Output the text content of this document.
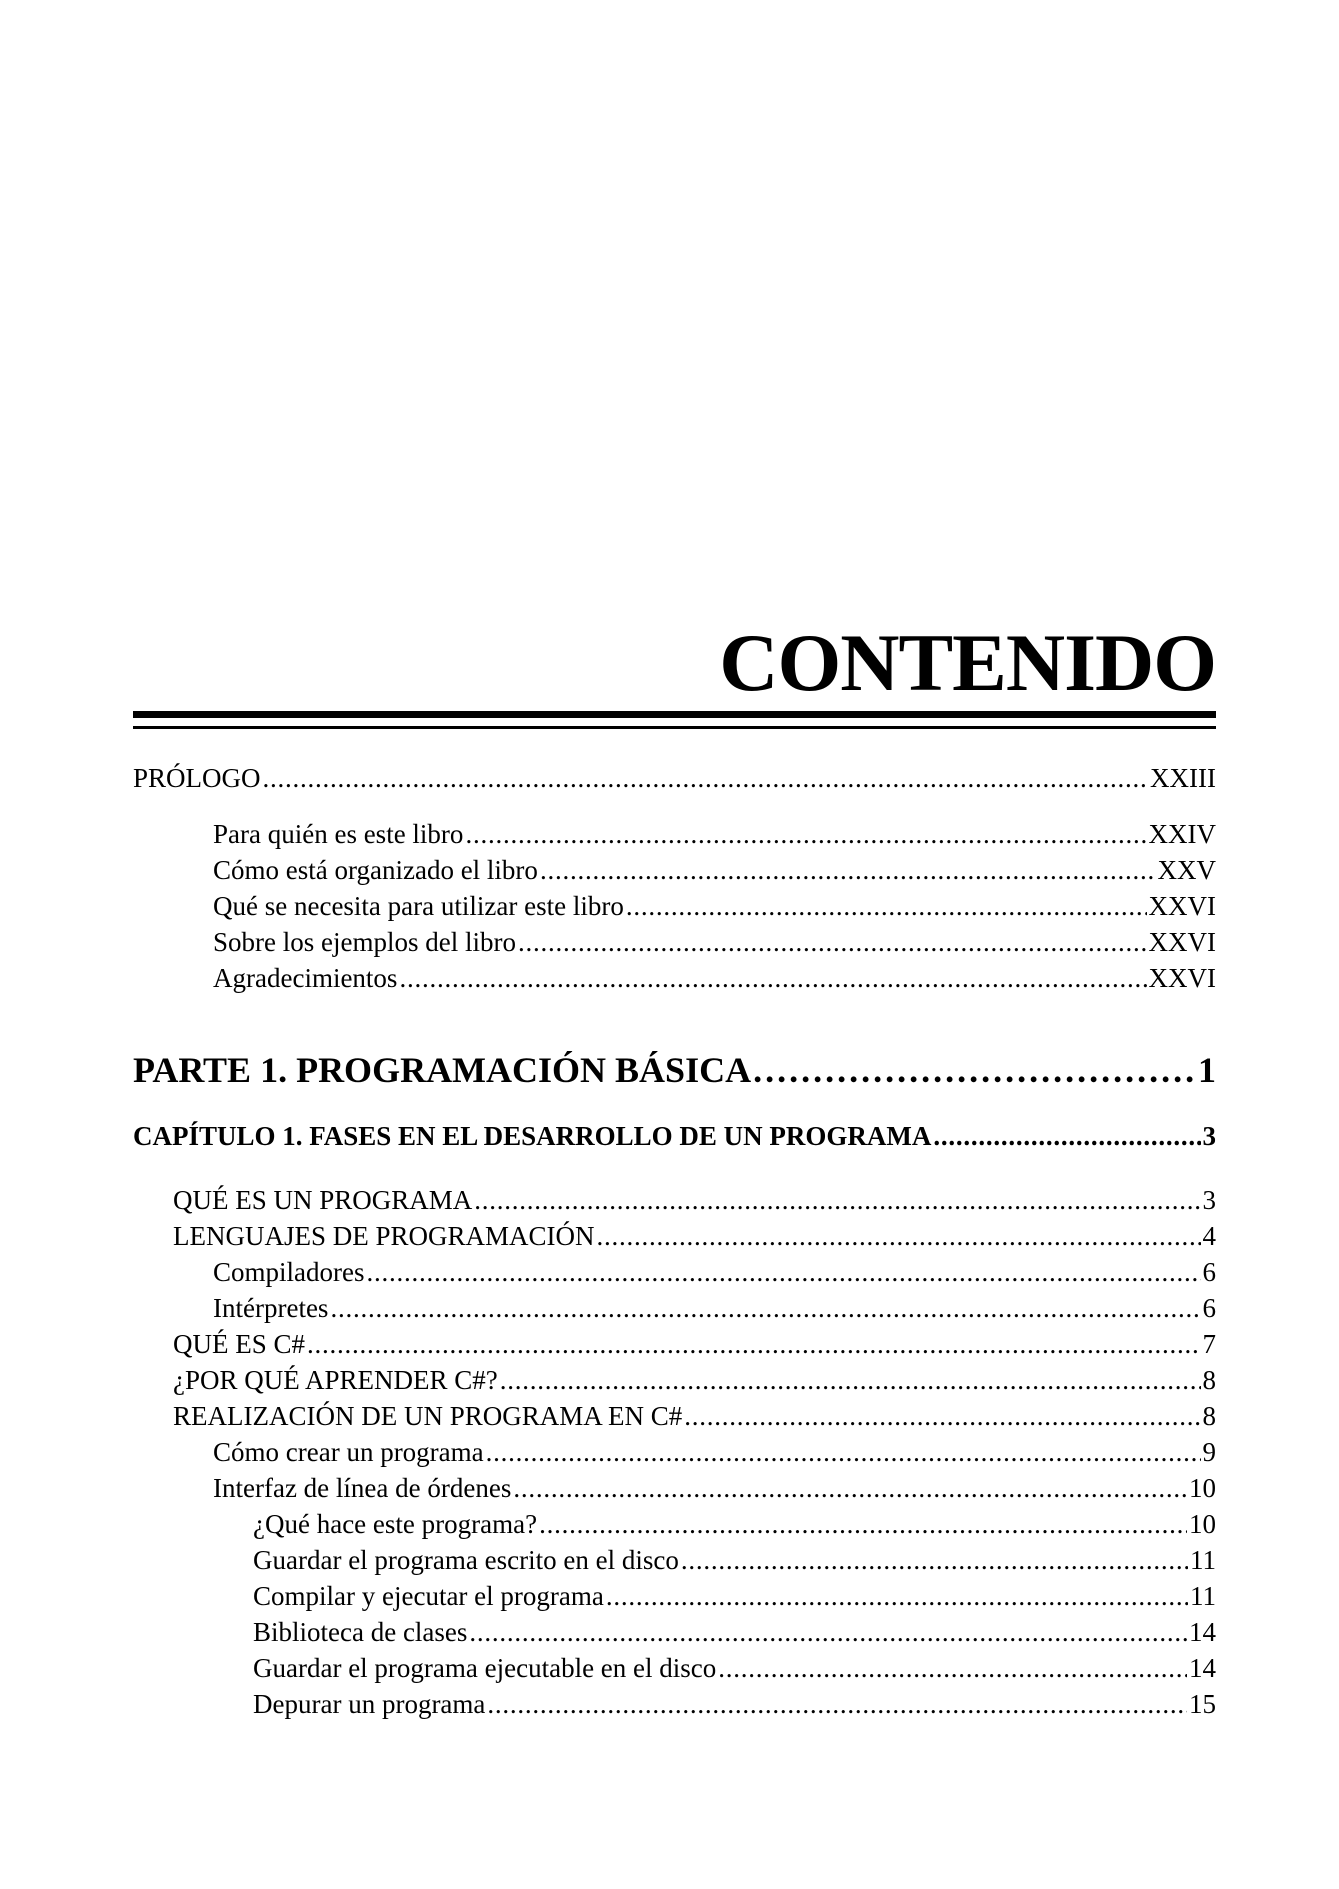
CONTENIDO
PRÓLOGO . . .	XXIII
Para quién es este libro . . .	XXIV
Cómo está organizado el libro . . .	XXV
Qué se necesita para utilizar este libro . . .	XXVI
Sobre los ejemplos del libro . . .	XXVI
Agradecimientos . . .	XXVI
PARTE 1. PROGRAMACIÓN BÁSICA . . .	1
CAPÍTULO 1. FASES EN EL DESARROLLO DE UN PROGRAMA . . .	3
QUÉ ES UN PROGRAMA . . .	3
LENGUAJES DE PROGRAMACIÓN . . .	4
Compiladores . . .	6
Intérpretes . . .	6
QUÉ ES C# . . .	7
¿POR QUÉ APRENDER C#? . . .	8
REALIZACIÓN DE UN PROGRAMA EN C# . . .	8
Cómo crear un programa . . .	9
Interfaz de línea de órdenes . . .	10
¿Qué hace este programa? . . .	10
Guardar el programa escrito en el disco . . .	11
Compilar y ejecutar el programa . . .	11
Biblioteca de clases . . .	14
Guardar el programa ejecutable en el disco . . .	14
Depurar un programa . . .	15
